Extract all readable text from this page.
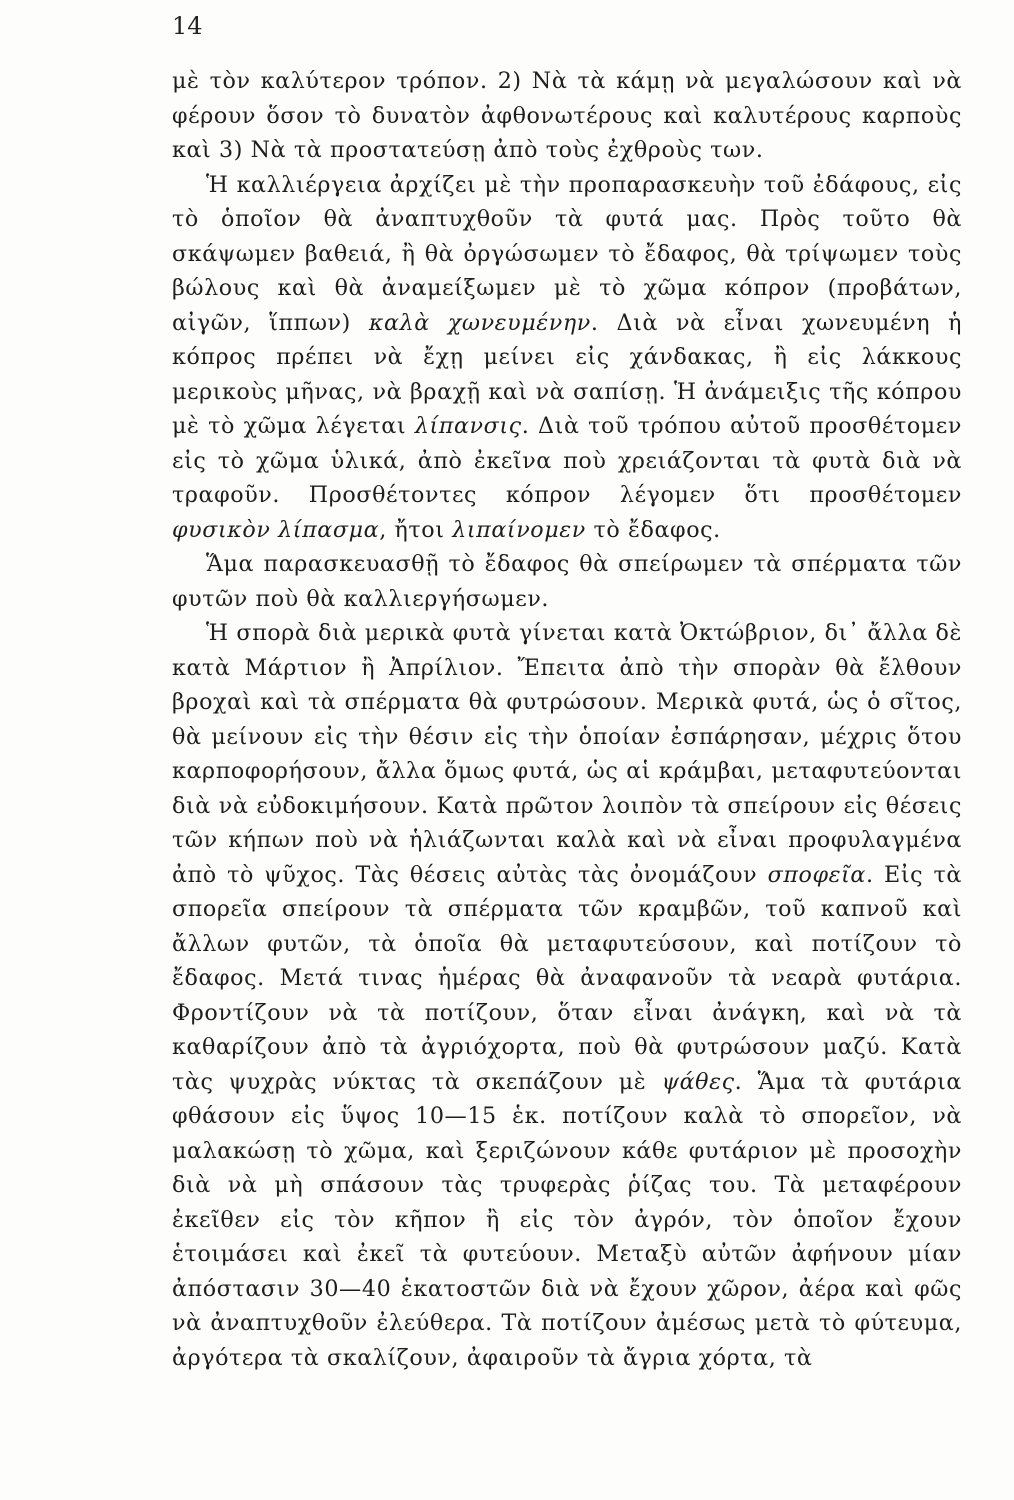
14

μὲ τὸν καλύτερον τρόπον. 2) Νὰ τὰ κάμῃ νὰ μεγαλώσουν καὶ νὰ φέρουν ὅσον τὸ δυνατὸν ἀφθονωτέρους καὶ καλυτέρους καρποὺς καὶ 3) Νὰ τὰ προστατεύσῃ ἀπὸ τοὺς ἐχθροὺς των.

Ἡ καλλιέργεια ἀρχίζει μὲ τὴν προπαρασκευὴν τοῦ ἐδάφους, εἰς τὸ ὁποῖον θὰ ἀναπτυχθοῦν τὰ φυτά μας. Πρὸς τοῦτο θὰ σκάψωμεν βαθειά, ἢ θὰ ὀργώσωμεν τὸ ἔδαφος, θὰ τρίψωμεν τοὺς βώλους καὶ θὰ ἀναμείξωμεν μὲ τὸ χῶμα κόπρον (προβάτων, αἰγῶν, ἵππων) καλὰ χωνευμένην. Διὰ νὰ εἶναι χωνευμένη ἡ κόπρος πρέπει νὰ ἔχῃ μείνει εἰς χάνδακας, ἢ εἰς λάκκους μερικοὺς μῆνας, νὰ βραχῇ καὶ νὰ σαπίσῃ. Ἡ ἀνάμειξις τῆς κόπρου μὲ τὸ χῶμα λέγεται λίπανσις. Διὰ τοῦ τρόπου αὐτοῦ προσθέτομεν εἰς τὸ χῶμα ὑλικά, ἀπὸ ἐκεῖνα ποὺ χρειάζονται τὰ φυτὰ διὰ νὰ τραφοῦν. Προσθέτοντες κόπρον λέγομεν ὅτι προσθέτομεν φυσικὸν λίπασμα, ἤτοι λιπαίνομεν τὸ ἔδαφος.

Ἅμα παρασκευασθῇ τὸ ἔδαφος θὰ σπείρωμεν τὰ σπέρματα τῶν φυτῶν ποὺ θὰ καλλιεργήσωμεν.

Ἡ σπορὰ διὰ μερικὰ φυτὰ γίνεται κατὰ Ὀκτώβριον, δι᾿ ἄλλα δὲ κατὰ Μάρτιον ἢ Ἀπρίλιον. Ἔπειτα ἀπὸ τὴν σπορὰν θὰ ἔλθουν βροχαὶ καὶ τὰ σπέρματα θὰ φυτρώσουν. Μερικὰ φυτά, ὡς ὁ σῖτος, θὰ μείνουν εἰς τὴν θέσιν εἰς τὴν ὁποίαν ἐσπάρησαν, μέχρις ὅτου καρποφορήσουν, ἄλλα ὅμως φυτά, ὡς αἱ κράμβαι, μεταφυτεύονται διὰ νὰ εὐδοκιμήσουν. Κατὰ πρῶτον λοιπὸν τὰ σπείρουν εἰς θέσεις τῶν κήπων ποὺ νὰ ἡλιάζωνται καλὰ καὶ νὰ εἶναι προφυλαγμένα ἀπὸ τὸ ψῦχος. Τὰς θέσεις αὐτὰς τὰς ὀνομάζουν σποφεῖα. Εἰς τὰ σπορεῖα σπείρουν τὰ σπέρματα τῶν κραμβῶν, τοῦ καπνοῦ καὶ ἄλλων φυτῶν, τὰ ὁποῖα θὰ μεταφυτεύσουν, καὶ ποτίζουν τὸ ἔδαφος. Μετά τινας ἡμέρας θὰ ἀναφανοῦν τὰ νεαρὰ φυτάρια. Φροντίζουν νὰ τὰ ποτίζουν, ὅταν εἶναι ἀνάγκη, καὶ νὰ τὰ καθαρίζουν ἀπὸ τὰ ἀγριόχορτα, ποὺ θὰ φυτρώσουν μαζύ. Κατὰ τὰς ψυχρὰς νύκτας τὰ σκεπάζουν μὲ ψάθες. Ἅμα τὰ φυτάρια φθάσουν εἰς ὕψος 10—15 ἑκ. ποτίζουν καλὰ τὸ σπορεῖον, νὰ μαλακώσῃ τὸ χῶμα, καὶ ξεριζώνουν κάθε φυτάριον μὲ προσοχὴν διὰ νὰ μὴ σπάσουν τὰς τρυφερὰς ῥίζας του. Τὰ μεταφέρουν ἐκεῖθεν εἰς τὸν κῆπον ἢ εἰς τὸν ἀγρόν, τὸν ὁποῖον ἔχουν ἑτοιμάσει καὶ ἐκεῖ τὰ φυτεύουν. Μεταξὺ αὐτῶν ἀφήνουν μίαν ἀπόστασιν 30—40 ἑκατοστῶν διὰ νὰ ἔχουν χῶρον, ἀέρα καὶ φῶς νὰ ἀναπτυχθοῦν ἐλεύθερα. Τὰ ποτίζουν ἀμέσως μετὰ τὸ φύτευμα, ἀργότερα τὰ σκαλίζουν, ἀφαιροῦν τὰ ἄγρια χόρτα, τὰ
